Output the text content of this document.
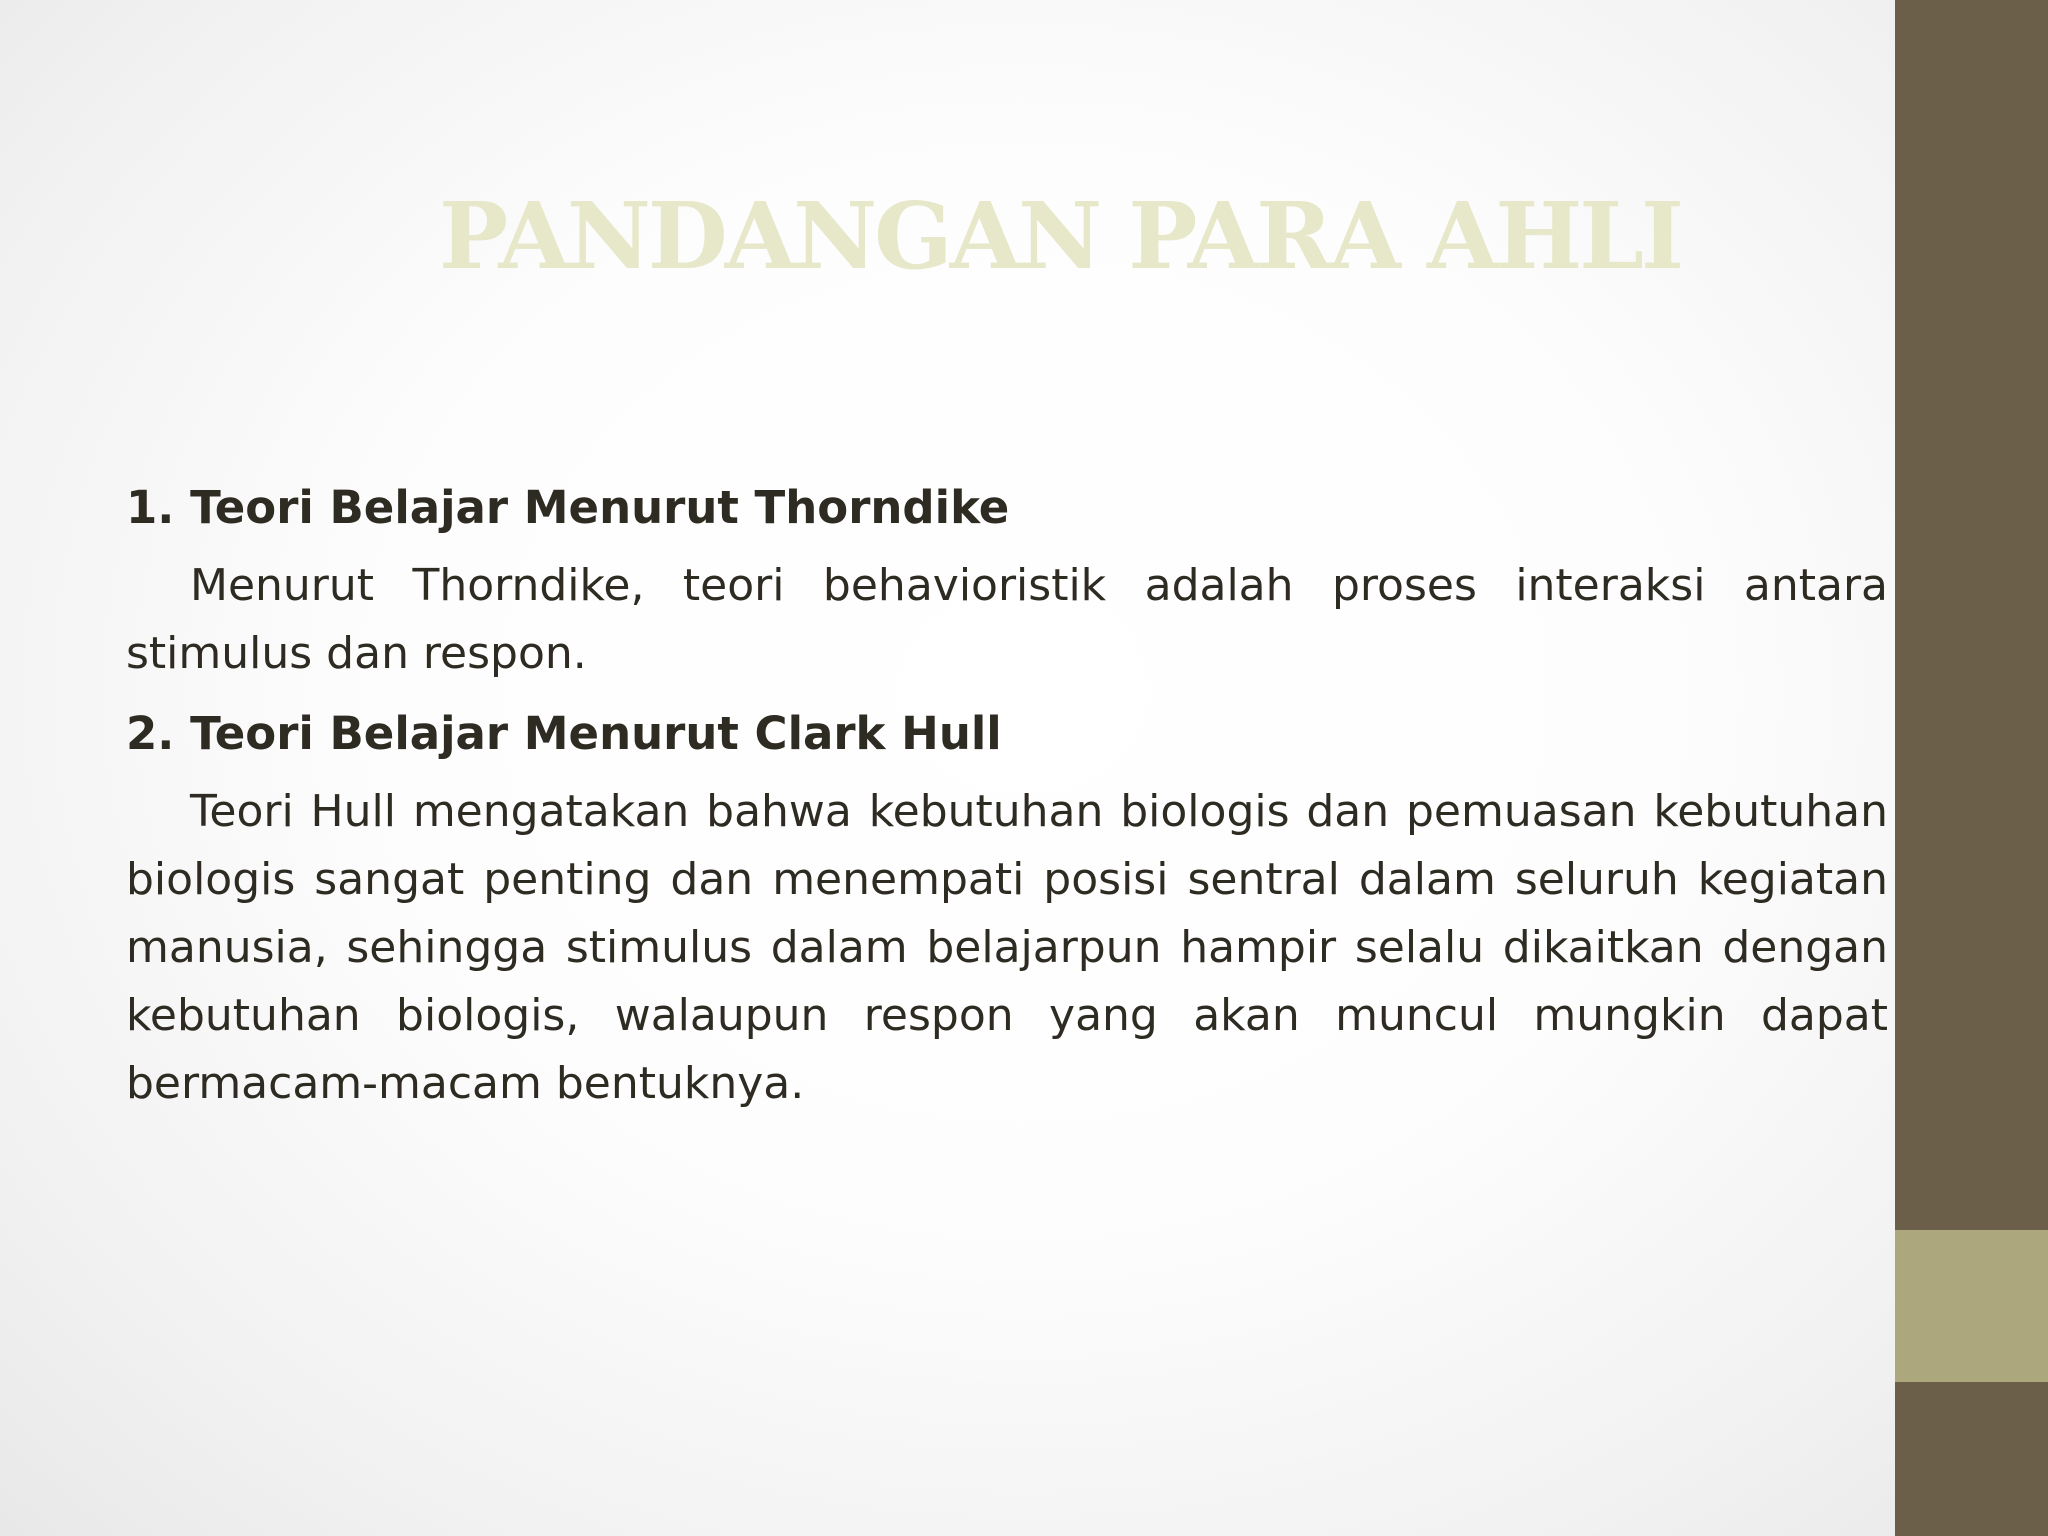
PANDANGAN PARA AHLI
1. Teori Belajar Menurut Thorndike

Menurut Thorndike, teori behavioristik adalah proses interaksi antara stimulus dan respon.

2. Teori Belajar Menurut Clark Hull

Teori Hull mengatakan bahwa kebutuhan biologis dan pemuasan kebutuhan biologis sangat penting dan menempati posisi sentral dalam seluruh kegiatan manusia, sehingga stimulus dalam belajarpun hampir selalu dikaitkan dengan kebutuhan biologis, walaupun respon yang akan muncul mungkin dapat bermacam-macam bentuknya.
